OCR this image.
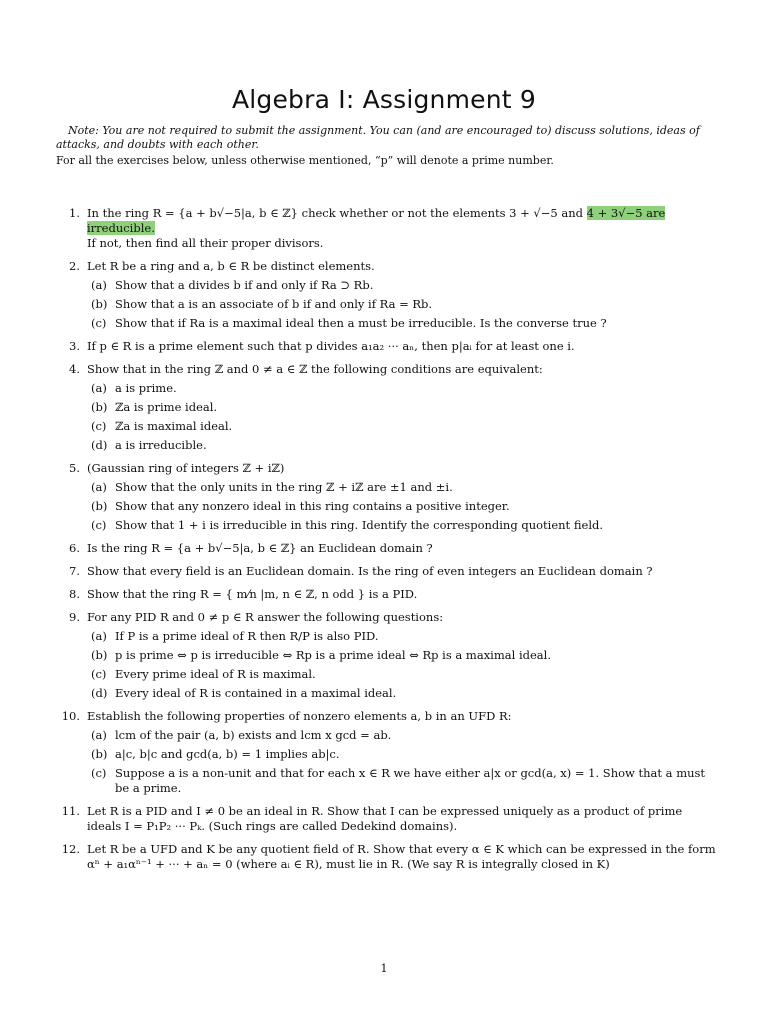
Algebra I: Assignment 9
Note: You are not required to submit the assignment. You can (and are encouraged to) discuss solutions, ideas of attacks, and doubts with each other.
For all the exercises below, unless otherwise mentioned, “p” will denote a prime number.
1. In the ring R = {a + b√−5|a, b ∈ ℤ} check whether or not the elements 3 + √−5 and 4 + 3√−5 are irreducible.
If not, then find all their proper divisors.
2. Let R be a ring and a, b ∈ R be distinct elements.
(a) Show that a divides b if and only if Ra ⊃ Rb.
(b) Show that a is an associate of b if and only if Ra = Rb.
(c) Show that if Ra is a maximal ideal then a must be irreducible. Is the converse true ?
3. If p ∈ R is a prime element such that p divides a₁a₂ ··· aₙ, then p|aᵢ for at least one i.
4. Show that in the ring ℤ and 0 ≠ a ∈ ℤ the following conditions are equivalent:
(a) a is prime.
(b) ℤa is prime ideal.
(c) ℤa is maximal ideal.
(d) a is irreducible.
5. (Gaussian ring of integers ℤ + iℤ)
(a) Show that the only units in the ring ℤ + iℤ are ±1 and ±i.
(b) Show that any nonzero ideal in this ring contains a positive integer.
(c) Show that 1 + i is irreducible in this ring. Identify the corresponding quotient field.
6. Is the ring R = {a + b√−5|a, b ∈ ℤ} an Euclidean domain ?
7. Show that every field is an Euclidean domain. Is the ring of even integers an Euclidean domain ?
8. Show that the ring R = { m⁄n |m, n ∈ ℤ, n odd } is a PID.
9. For any PID R and 0 ≠ p ∈ R answer the following questions:
(a) If P is a prime ideal of R then R/P is also PID.
(b) p is prime ⇔ p is irreducible ⇔ Rp is a prime ideal ⇔ Rp is a maximal ideal.
(c) Every prime ideal of R is maximal.
(d) Every ideal of R is contained in a maximal ideal.
10. Establish the following properties of nonzero elements a, b in an UFD R:
(a) lcm of the pair (a, b) exists and lcm x gcd = ab.
(b) a|c, b|c and gcd(a, b) = 1 implies ab|c.
(c) Suppose a is a non-unit and that for each x ∈ R we have either a|x or gcd(a, x) = 1. Show that a must be a prime.
11. Let R is a PID and I ≠ 0 be an ideal in R. Show that I can be expressed uniquely as a product of prime ideals I = P₁P₂ ··· Pₖ. (Such rings are called Dedekind domains).
12. Let R be a UFD and K be any quotient field of R. Show that every α ∈ K which can be expressed in the form αⁿ + a₁αⁿ⁻¹ + ··· + aₙ = 0 (where aᵢ ∈ R), must lie in R. (We say R is integrally closed in K)
1
